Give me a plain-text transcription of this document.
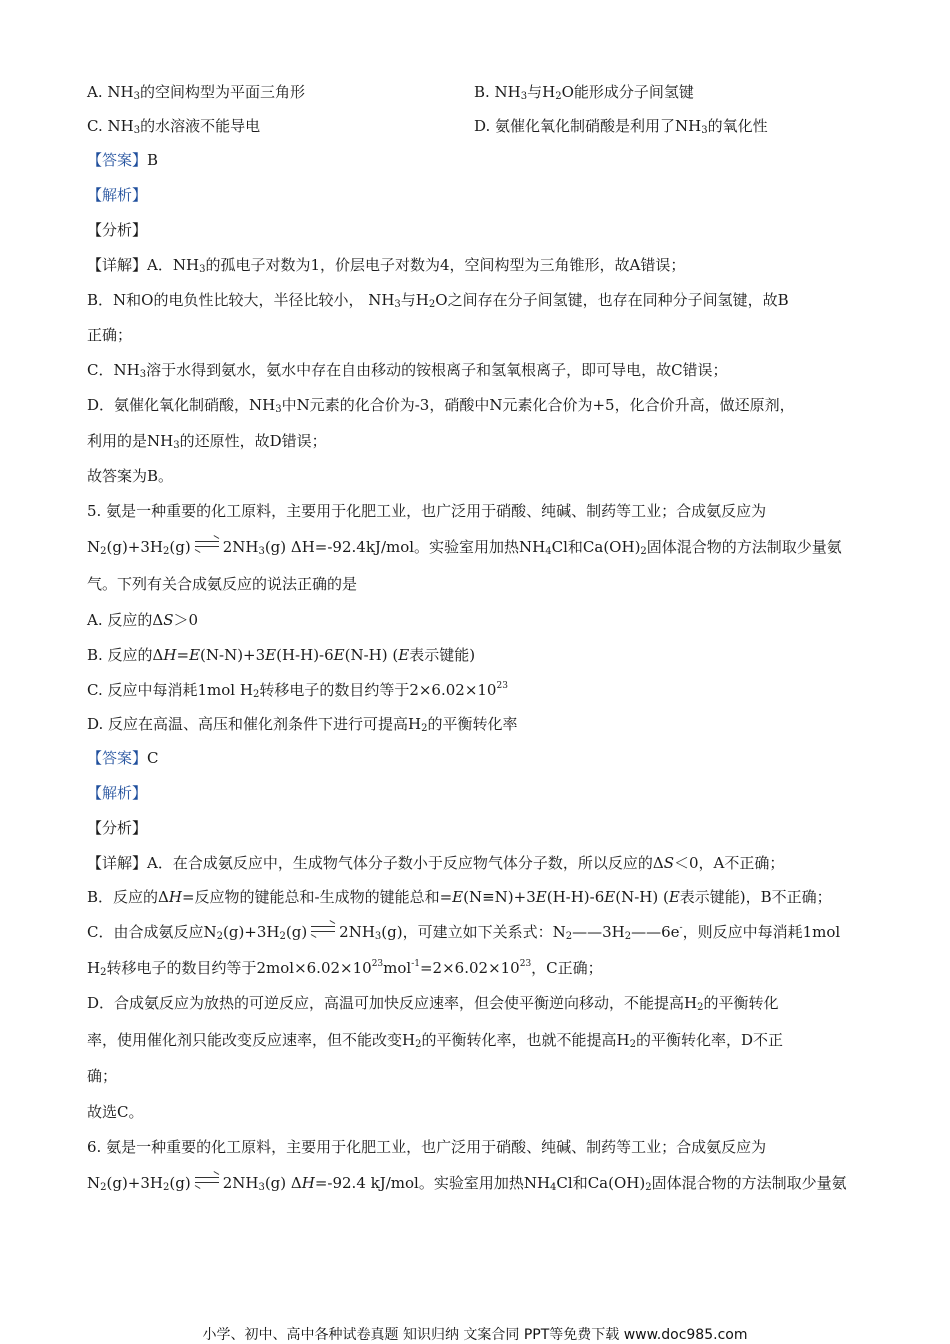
A. $NH_3$的空间构型为平面三角形	B. $NH_3$与$H_2O$能形成分子间氢键
C. $NH_3$的水溶液不能导电	D. 氨催化氧化制硝酸是利用了$NH_3$的氧化性
【答案】B
【解析】
【分析】
【详解】A．$NH_3$的孤电子对数为1，价层电子对数为4，空间构型为三角锥形，故A错误；
B．N和O的电负性比较大，半径比较小， $NH_3$与$H_2O$之间存在分子间氢键，也存在同种分子间氢键，故B
正确；
C．$NH_3$溶于水得到氨水，氨水中存在自由移动的铵根离子和氢氧根离子，即可导电，故C错误；
D．氨催化氧化制硝酸，$NH_3$中N元素的化合价为-3，硝酸中N元素化合价为+5，化合价升高，做还原剂，
利用的是$NH_3$的还原性，故D错误；
故答案为B。
5. 氨是一种重要的化工原料，主要用于化肥工业，也广泛用于硝酸、纯碱、制药等工业；合成氨反应为
$N_2(g)+3H_2(g)$ $2NH_3(g)$ ΔH=-92.4kJ/mol。实验室用加热$NH_4Cl$和$Ca(OH)_2$固体混合物的方法制取少量氨
气。下列有关合成氨反应的说法正确的是
A. 反应的ΔS＞0
B. 反应的ΔH=E(N-N)+3E(H-H)-6E(N-H) (E表示键能)
C. 反应中每消耗1mol $H_2$转移电子的数目约等于$2\times 6.02\times 10^{23}$
D. 反应在高温、高压和催化剂条件下进行可提高$H_2$的平衡转化率
【答案】C
【解析】
【分析】
【详解】A．在合成氨反应中，生成物气体分子数小于反应物气体分子数，所以反应的ΔS＜0，A不正确；
B．反应的ΔH=反应物的键能总和-生成物的键能总和=E(N≡N)+3E(H-H)-6E(N-H) (E表示键能)，B不正确；
C．由合成氨反应$N_2(g)+3H_2(g)$ $2NH_3(g)$，可建立如下关系式：$N_2——3H_2——6e^-$，则反应中每消耗1mol
$H_2$转移电子的数目约等于$2mol\times 6.02\times 10^{23}mol^{-1}=2\times 6.02\times 10^{23}$，C正确；
D．合成氨反应为放热的可逆反应，高温可加快反应速率，但会使平衡逆向移动，不能提高$H_2$的平衡转化
率，使用催化剂只能改变反应速率，但不能改变$H_2$的平衡转化率，也就不能提高$H_2$的平衡转化率，D不正
确；
故选C。
6. 氨是一种重要的化工原料，主要用于化肥工业，也广泛用于硝酸、纯碱、制药等工业；合成氨反应为
$N_2(g)+3H_2(g)$ $2NH_3(g)$ ΔH=-92.4 kJ/mol。实验室用加热$NH_4Cl$和$Ca(OH)_2$固体混合物的方法制取少量氨
小学、初中、高中各种试卷真题 知识归纳 文案合同 PPT等免费下载 www.doc985.com
